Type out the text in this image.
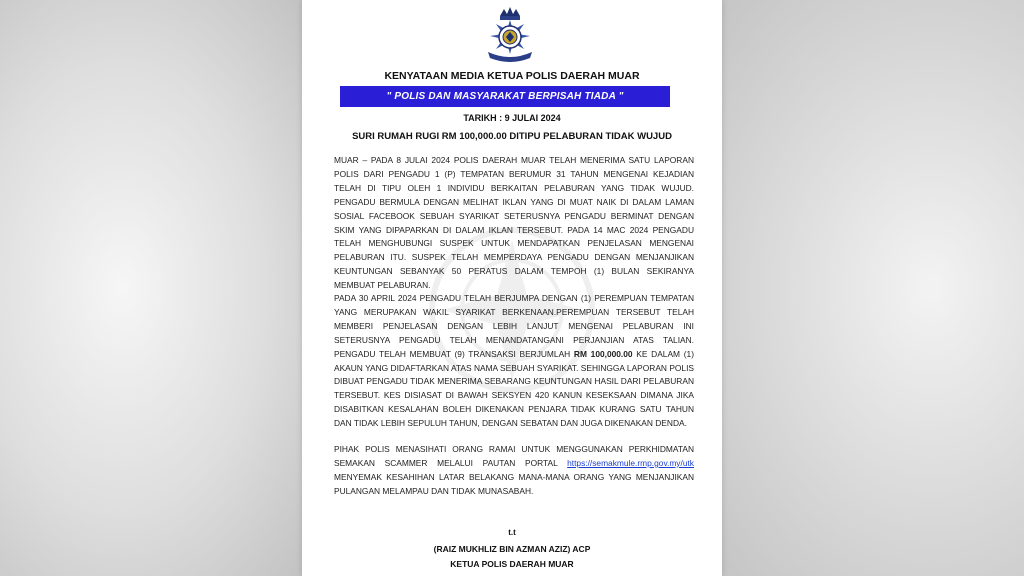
KENYATAAN MEDIA KETUA POLIS DAERAH MUAR
" POLIS DAN MASYARAKAT BERPISAH TIADA "
TARIKH : 9 JULAI 2024
SURI RUMAH RUGI RM 100,000.00 DITIPU PELABURAN TIDAK WUJUD

MUAR – PADA 8 JULAI 2024 POLIS DAERAH MUAR TELAH MENERIMA SATU LAPORAN POLIS DARI PENGADU 1 (P) TEMPATAN BERUMUR 31 TAHUN MENGENAI KEJADIAN TELAH DI TIPU OLEH 1 INDIVIDU BERKAITAN PELABURAN YANG TIDAK WUJUD. PENGADU BERMULA DENGAN MELIHAT IKLAN YANG DI MUAT NAIK DI DALAM LAMAN SOSIAL FACEBOOK SEBUAH SYARIKAT SETERUSNYA PENGADU BERMINAT DENGAN SKIM YANG DIPAPARKAN DI DALAM IKLAN TERSEBUT. PADA 14 MAC 2024 PENGADU TELAH MENGHUBUNGI SUSPEK UNTUK MENDAPATKAN PENJELASAN MENGENAI PELABURAN ITU. SUSPEK TELAH MEMPERDAYA PENGADU DENGAN MENJANJIKAN KEUNTUNGAN SEBANYAK 50 PERATUS DALAM TEMPOH (1) BULAN SEKIRANYA MEMBUAT PELABURAN.

PADA 30 APRIL 2024 PENGADU TELAH BERJUMPA DENGAN (1) PEREMPUAN TEMPATAN YANG MERUPAKAN WAKIL SYARIKAT BERKENAAN.PEREMPUAN TERSEBUT TELAH MEMBERI PENJELASAN DENGAN LEBIH LANJUT MENGENAI PELABURAN INI SETERUSNYA PENGADU TELAH MENANDATANGANI PERJANJIAN ATAS TALIAN. PENGADU TELAH MEMBUAT (9) TRANSAKSI BERJUMLAH RM 100,000.00 KE DALAM (1) AKAUN YANG DIDAFTARKAN ATAS NAMA SEBUAH SYARIKAT. SEHINGGA LAPORAN POLIS DIBUAT PENGADU TIDAK MENERIMA SEBARANG KEUNTUNGAN HASIL DARI PELABURAN TERSEBUT. KES DISIASAT DI BAWAH SEKSYEN 420 KANUN KESEKSAAN DIMANA JIKA DISABITKAN KESALAHAN BOLEH DIKENAKAN PENJARA TIDAK KURANG SATU TAHUN DAN TIDAK LEBIH SEPULUH TAHUN, DENGAN SEBATAN DAN JUGA DIKENAKAN DENDA.

PIHAK POLIS MENASIHATI ORANG RAMAI UNTUK MENGGUNAKAN PERKHIDMATAN SEMAKAN SCAMMER MELALUI PAUTAN PORTAL https://semakmule.rmp.gov.my/utk MENYEMAK KESAHIHAN LATAR BELAKANG MANA-MANA ORANG YANG MENJANJIKAN PULANGAN MELAMPAU DAN TIDAK MUNASABAH.

t.t
(RAIZ MUKHLIZ BIN AZMAN AZIZ) ACP
KETUA POLIS DAERAH MUAR
